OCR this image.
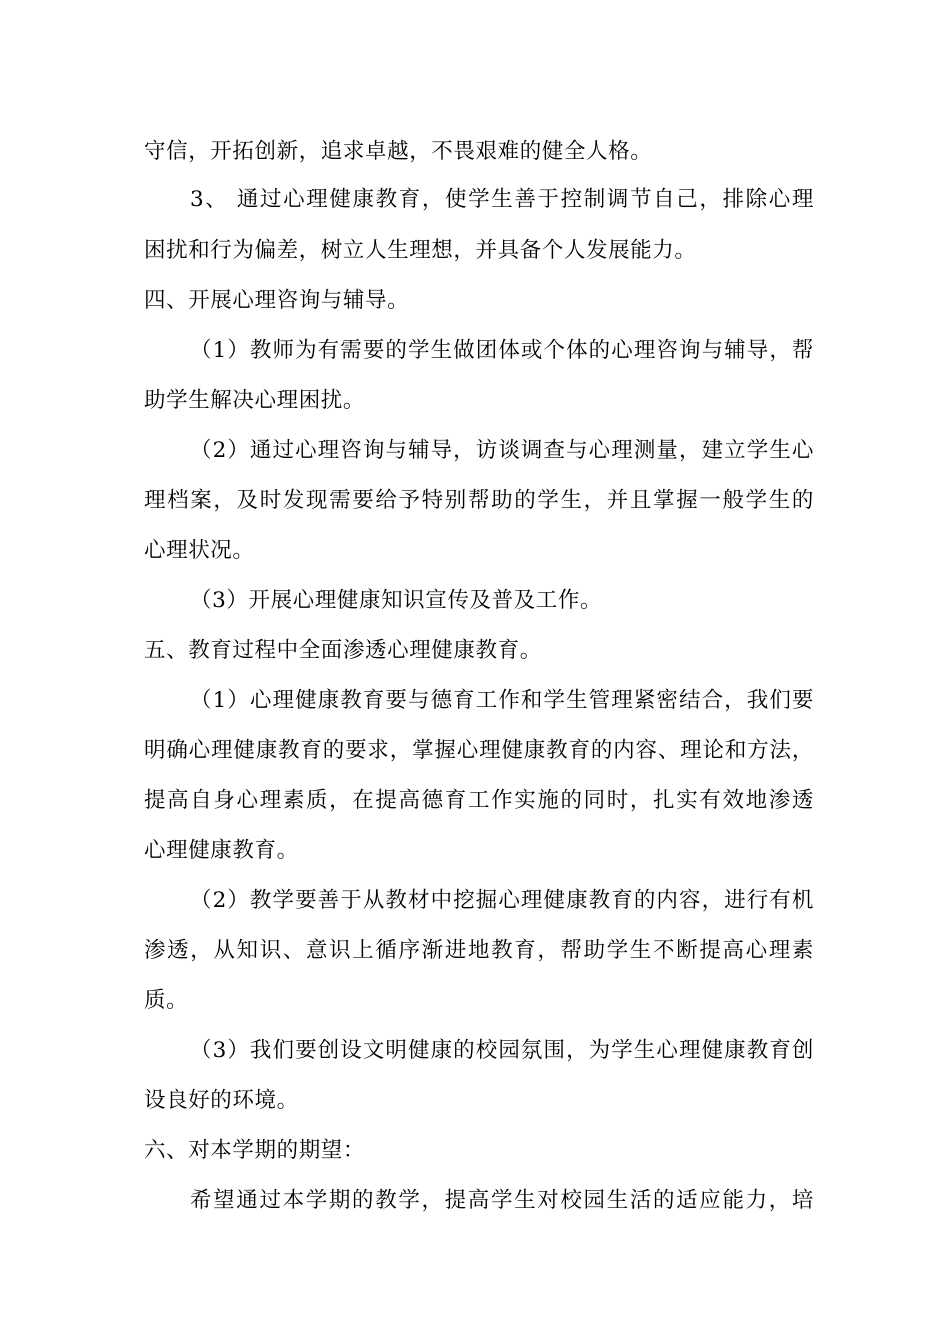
守信，开拓创新，追求卓越，不畏艰难的健全人格。
3、 通过心理健康教育，使学生善于控制调节自己，排除心理
困扰和行为偏差，树立人生理想，并具备个人发展能力。
四、开展心理咨询与辅导。
（1）教师为有需要的学生做团体或个体的心理咨询与辅导，帮
助学生解决心理困扰。
（2）通过心理咨询与辅导，访谈调查与心理测量，建立学生心
理档案，及时发现需要给予特别帮助的学生，并且掌握一般学生的
心理状况。
（3）开展心理健康知识宣传及普及工作。
五、教育过程中全面渗透心理健康教育。
（1）心理健康教育要与德育工作和学生管理紧密结合，我们要
明确心理健康教育的要求，掌握心理健康教育的内容、理论和方法，
提高自身心理素质，在提高德育工作实施的同时，扎实有效地渗透
心理健康教育。
（2）教学要善于从教材中挖掘心理健康教育的内容，进行有机
渗透，从知识、意识上循序渐进地教育，帮助学生不断提高心理素
质。
（3）我们要创设文明健康的校园氛围，为学生心理健康教育创
设良好的环境。
六、对本学期的期望：
希望通过本学期的教学，提高学生对校园生活的适应能力，培
